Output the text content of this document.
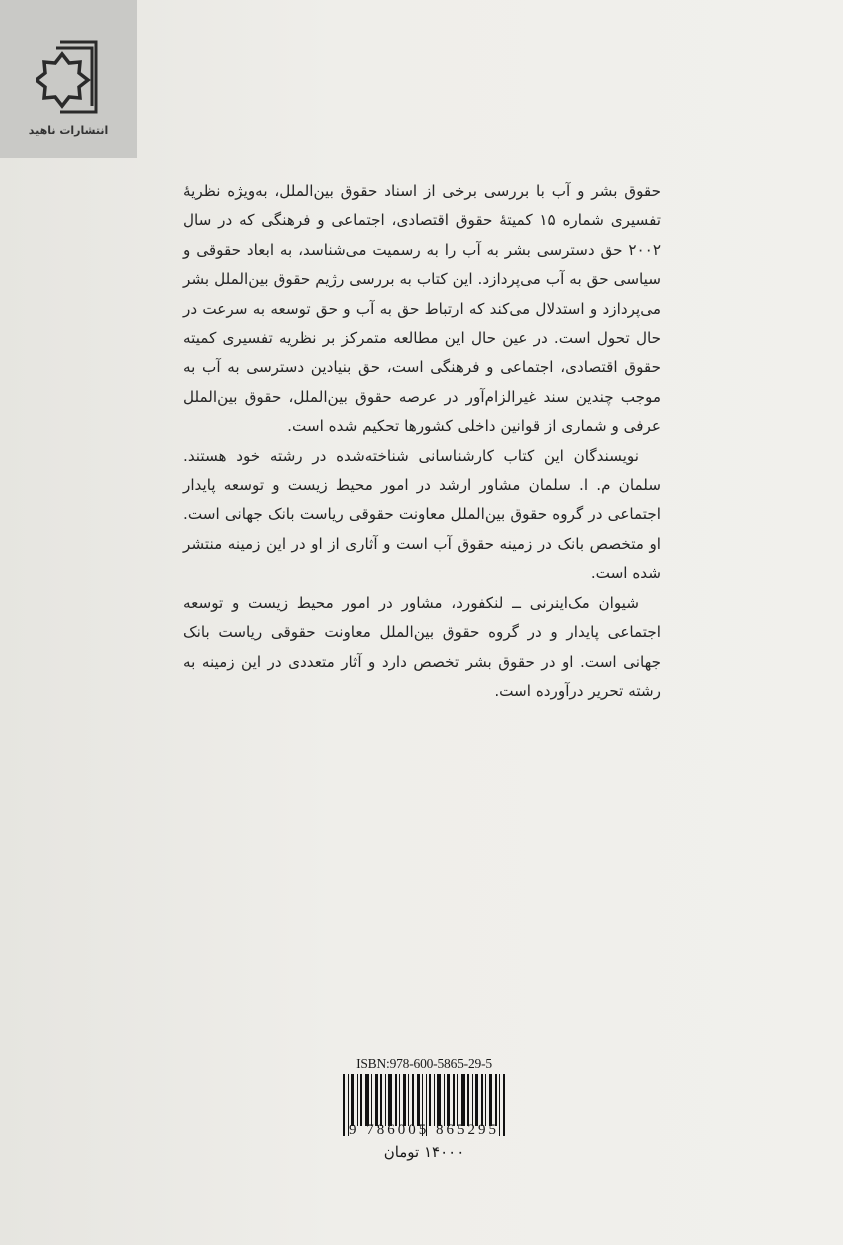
انتشارات ناهید

حقوق بشر و آب با بررسی برخی از اسناد حقوق بین‌الملل، به‌ویژه نظریهٔ تفسیری شماره ۱۵ کمیتهٔ حقوق اقتصادی، اجتماعی و فرهنگی که در سال ۲۰۰۲ حق دسترسی بشر به آب را به رسمیت می‌شناسد، به ابعاد حقوقی و سیاسی حق به آب می‌پردازد. این کتاب به بررسی رژیم حقوق بین‌الملل بشر می‌پردازد و استدلال می‌کند که ارتباط حق به آب و حق توسعه به سرعت در حال تحول است. در عین حال این مطالعه متمرکز بر نظریه تفسیری کمیته حقوق اقتصادی، اجتماعی و فرهنگی است، حق بنیادین دسترسی به آب به موجب چندین سند غیرالزام‌آور در عرصه حقوق بین‌الملل، حقوق بین‌الملل عرفی و شماری از قوانین داخلی کشورها تحکیم شده است.

نویسندگان این کتاب کارشناسانی شناخته‌شده در رشته خود هستند. سلمان م. ا. سلمان مشاور ارشد در امور محیط زیست و توسعه پایدار اجتماعی در گروه حقوق بین‌الملل معاونت حقوقی ریاست بانک جهانی است. او متخصص بانک در زمینه حقوق آب است و آثاری از او در این زمینه منتشر شده است.

شیوان مک‌اینرنی ــ لنکفورد، مشاور در امور محیط زیست و توسعه اجتماعی پایدار و در گروه حقوق بین‌الملل معاونت حقوقی ریاست بانک جهانی است. او در حقوق بشر تخصص دارد و آثار متعددی در این زمینه به رشته تحریر درآورده است.

ISBN:978-600-5865-29-5
9 786005 865295
۱۴۰۰۰ تومان
